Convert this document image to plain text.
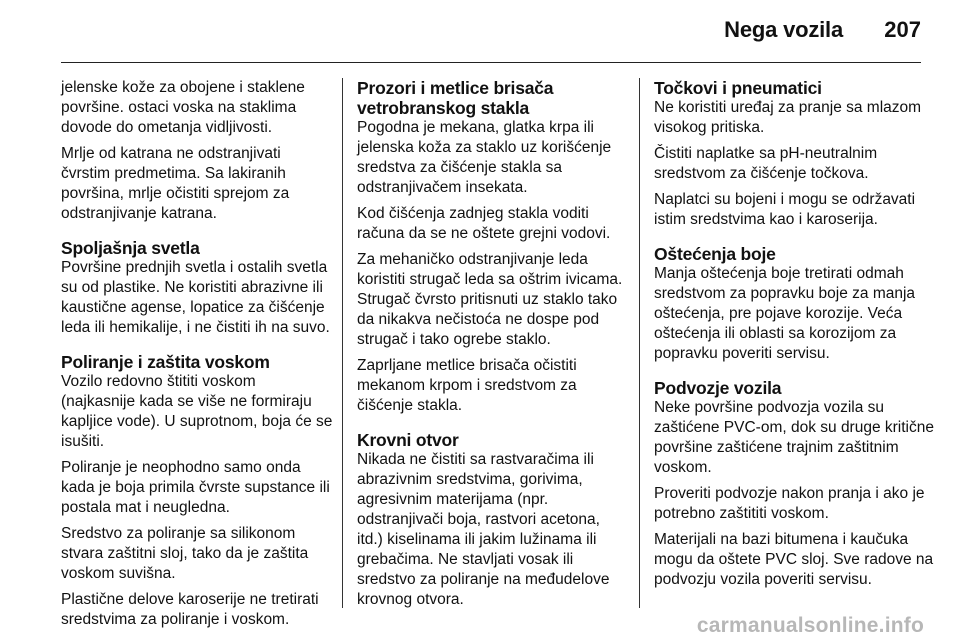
Nega vozila 207

jelenske kože za obojene i staklene površine. ostaci voska na staklima dovode do ometanja vidljivosti.

Mrlje od katrana ne odstranjivati čvrstim predmetima. Sa lakiranih površina, mrlje očistiti sprejom za odstranjivanje katrana.

Spoljašnja svetla

Površine prednjih svetla i ostalih svetla su od plastike. Ne koristiti abrazivne ili kaustične agense, lopatice za čišćenje leda ili hemikalije, i ne čistiti ih na suvo.

Poliranje i zaštita voskom

Vozilo redovno štititi voskom (najkasnije kada se više ne formiraju kapljice vode). U suprotnom, boja će se isušiti.

Poliranje je neophodno samo onda kada je boja primila čvrste supstance ili postala mat i neugledna.

Sredstvo za poliranje sa silikonom stvara zaštitni sloj, tako da je zaštita voskom suvišna.

Plastične delove karoserije ne tretirati sredstvima za poliranje i voskom.

Prozori i metlice brisača vetrobranskog stakla

Pogodna je mekana, glatka krpa ili jelenska koža za staklo uz korišćenje sredstva za čišćenje stakla sa odstranjivačem insekata.

Kod čišćenja zadnjeg stakla voditi računa da se ne oštete grejni vodovi.

Za mehaničko odstranjivanje leda koristiti strugač leda sa oštrim ivicama. Strugač čvrsto pritisnuti uz staklo tako da nikakva nečistoća ne dospe pod strugač i tako ogrebe staklo.

Zaprljane metlice brisača očistiti mekanom krpom i sredstvom za čišćenje stakla.

Krovni otvor

Nikada ne čistiti sa rastvaračima ili abrazivnim sredstvima, gorivima, agresivnim materijama (npr. odstranjivači boja, rastvori acetona, itd.) kiselinama ili jakim lužinama ili grebačima. Ne stavljati vosak ili sredstvo za poliranje na međudelove krovnog otvora.

Točkovi i pneumatici

Ne koristiti uređaj za pranje sa mlazom visokog pritiska.

Čistiti naplatke sa pH-neutralnim sredstvom za čišćenje točkova.

Naplatci su bojeni i mogu se održavati istim sredstvima kao i karoserija.

Oštećenja boje

Manja oštećenja boje tretirati odmah sredstvom za popravku boje za manja oštećenja, pre pojave korozije. Veća oštećenja ili oblasti sa korozijom za popravku poveriti servisu.

Podvozje vozila

Neke površine podvozja vozila su zaštićene PVC-om, dok su druge kritične površine zaštićene trajnim zaštitnim voskom.

Proveriti podvozje nakon pranja i ako je potrebno zaštititi voskom.

Materijali na bazi bitumena i kaučuka mogu da oštete PVC sloj. Sve radove na podvozju vozila poveriti servisu.

carmanualsonline.info
